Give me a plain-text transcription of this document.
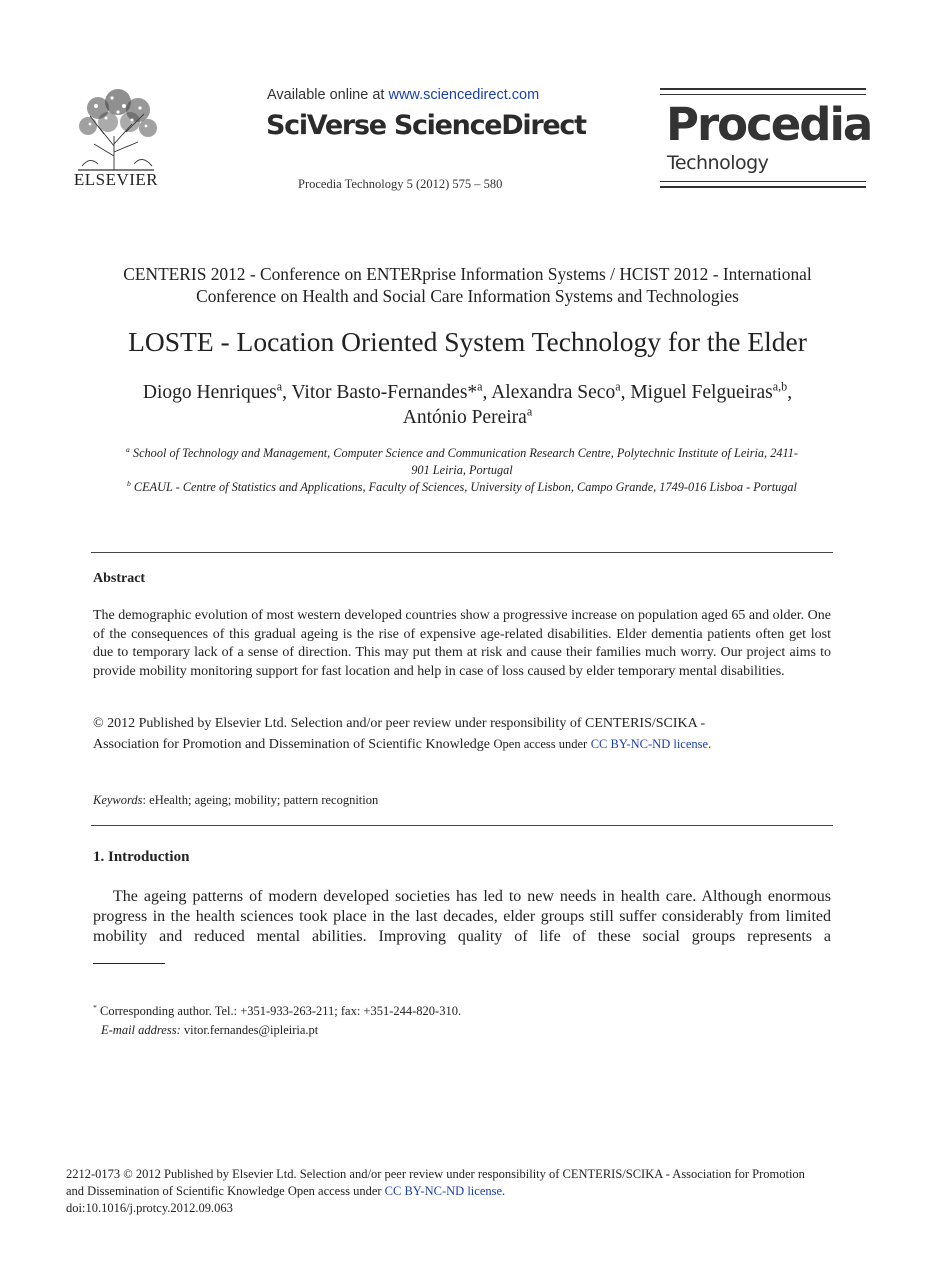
ELSEVIER
Available online at www.sciencedirect.com
SciVerse ScienceDirect
Procedia Technology 5 (2012) 575 – 580
Procedia
Technology
CENTERIS 2012 - Conference on ENTERprise Information Systems / HCIST 2012 - International
Conference on Health and Social Care Information Systems and Technologies
LOSTE - Location Oriented System Technology for the Elder
Diogo Henriques$^a$, Vitor Basto-Fernandes*$^a$, Alexandra Seco$^a$, Miguel Felgueiras$^{a,b}$,
António Pereira$^a$
$^a$ School of Technology and Management, Computer Science and Communication Research Centre, Polytechnic Institute of Leiria, 2411-
901 Leiria, Portugal
$^b$ CEAUL - Centre of Statistics and Applications, Faculty of Sciences, University of Lisbon, Campo Grande, 1749-016 Lisboa - Portugal
Abstract
The demographic evolution of most western developed countries show a progressive increase on population aged 65 and older. One of the consequences of this gradual ageing is the rise of expensive age-related disabilities. Elder dementia patients often get lost due to temporary lack of a sense of direction. This may put them at risk and cause their families much worry. Our project aims to provide mobility monitoring support for fast location and help in case of loss caused by elder temporary mental disabilities.
© 2012 Published by Elsevier Ltd. Selection and/or peer review under responsibility of CENTERIS/SCIKA -
Association for Promotion and Dissemination of Scientific Knowledge Open access under CC BY-NC-ND license.
Keywords: eHealth; ageing; mobility; pattern recognition
1. Introduction
The ageing patterns of modern developed societies has led to new needs in health care. Although enormous progress in the health sciences took place in the last decades, elder groups still suffer considerably from limited mobility and reduced mental abilities. Improving quality of life of these social groups represents a
* Corresponding author. Tel.: +351-933-263-211; fax: +351-244-820-310.
E-mail address: vitor.fernandes@ipleiria.pt
2212-0173 © 2012 Published by Elsevier Ltd. Selection and/or peer review under responsibility of CENTERIS/SCIKA - Association for Promotion
and Dissemination of Scientific Knowledge Open access under CC BY-NC-ND license.
doi:10.1016/j.protcy.2012.09.063
